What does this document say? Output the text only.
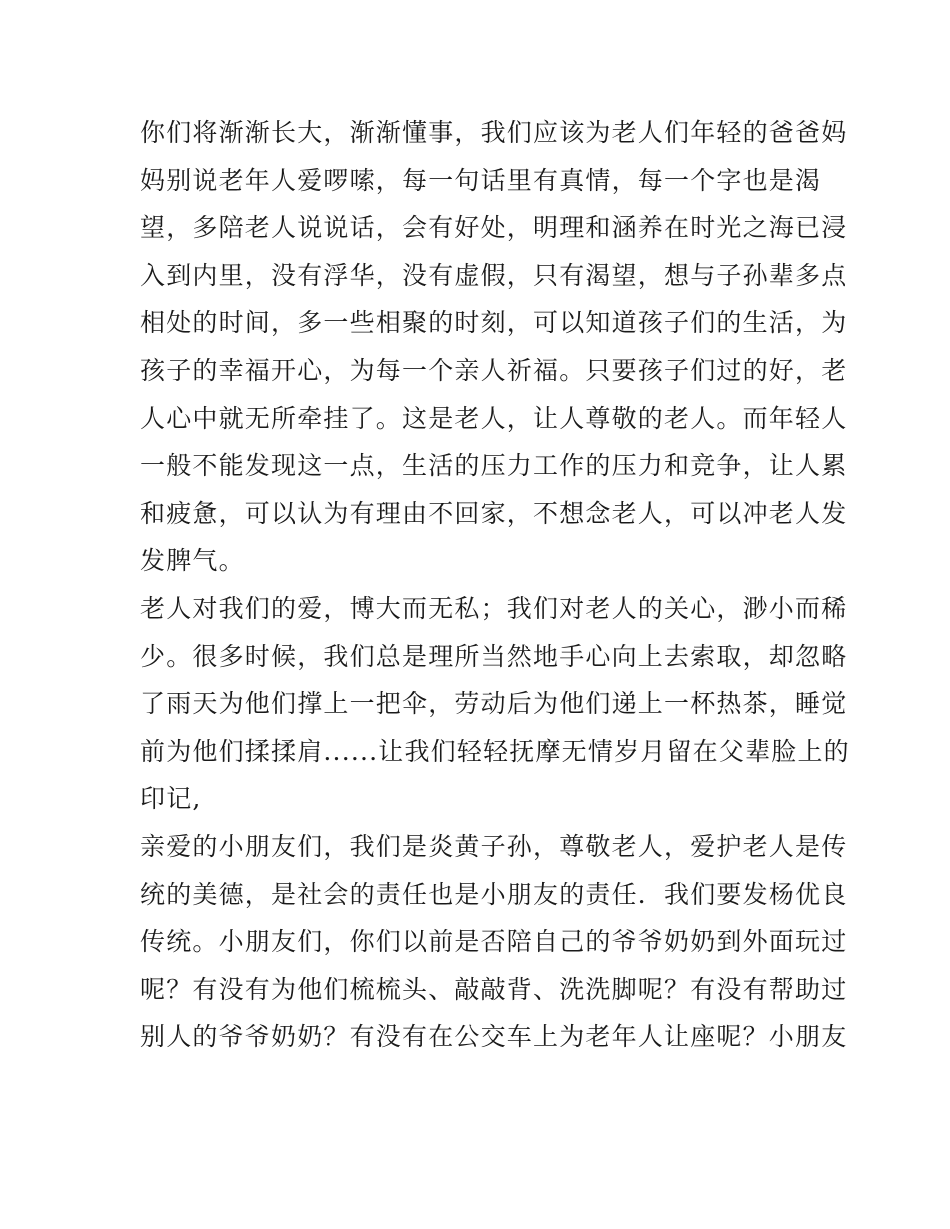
你们将渐渐长大，渐渐懂事，我们应该为老人们年轻的爸爸妈
妈别说老年人爱啰嗦，每一句话里有真情，每一个字也是渴
望，多陪老人说说话，会有好处，明理和涵养在时光之海已浸
入到内里，没有浮华，没有虚假，只有渴望，想与子孙辈多点
相处的时间，多一些相聚的时刻，可以知道孩子们的生活，为
孩子的幸福开心，为每一个亲人祈福。只要孩子们过的好，老
人心中就无所牵挂了。这是老人，让人尊敬的老人。而年轻人
一般不能发现这一点，生活的压力工作的压力和竞争，让人累
和疲惫，可以认为有理由不回家，不想念老人，可以冲老人发
发脾气。
老人对我们的爱，博大而无私；我们对老人的关心，渺小而稀
少。很多时候，我们总是理所当然地手心向上去索取，却忽略
了雨天为他们撑上一把伞，劳动后为他们递上一杯热茶，睡觉
前为他们揉揉肩......让我们轻轻抚摩无情岁月留在父辈脸上的
印记,
亲爱的小朋友们，我们是炎黄子孙，尊敬老人，爱护老人是传
统的美德，是社会的责任也是小朋友的责任．我们要发杨优良
传统。小朋友们，你们以前是否陪自己的爷爷奶奶到外面玩过
呢？有没有为他们梳梳头、敲敲背、洗洗脚呢？有没有帮助过
别人的爷爷奶奶？有没有在公交车上为老年人让座呢？小朋友
